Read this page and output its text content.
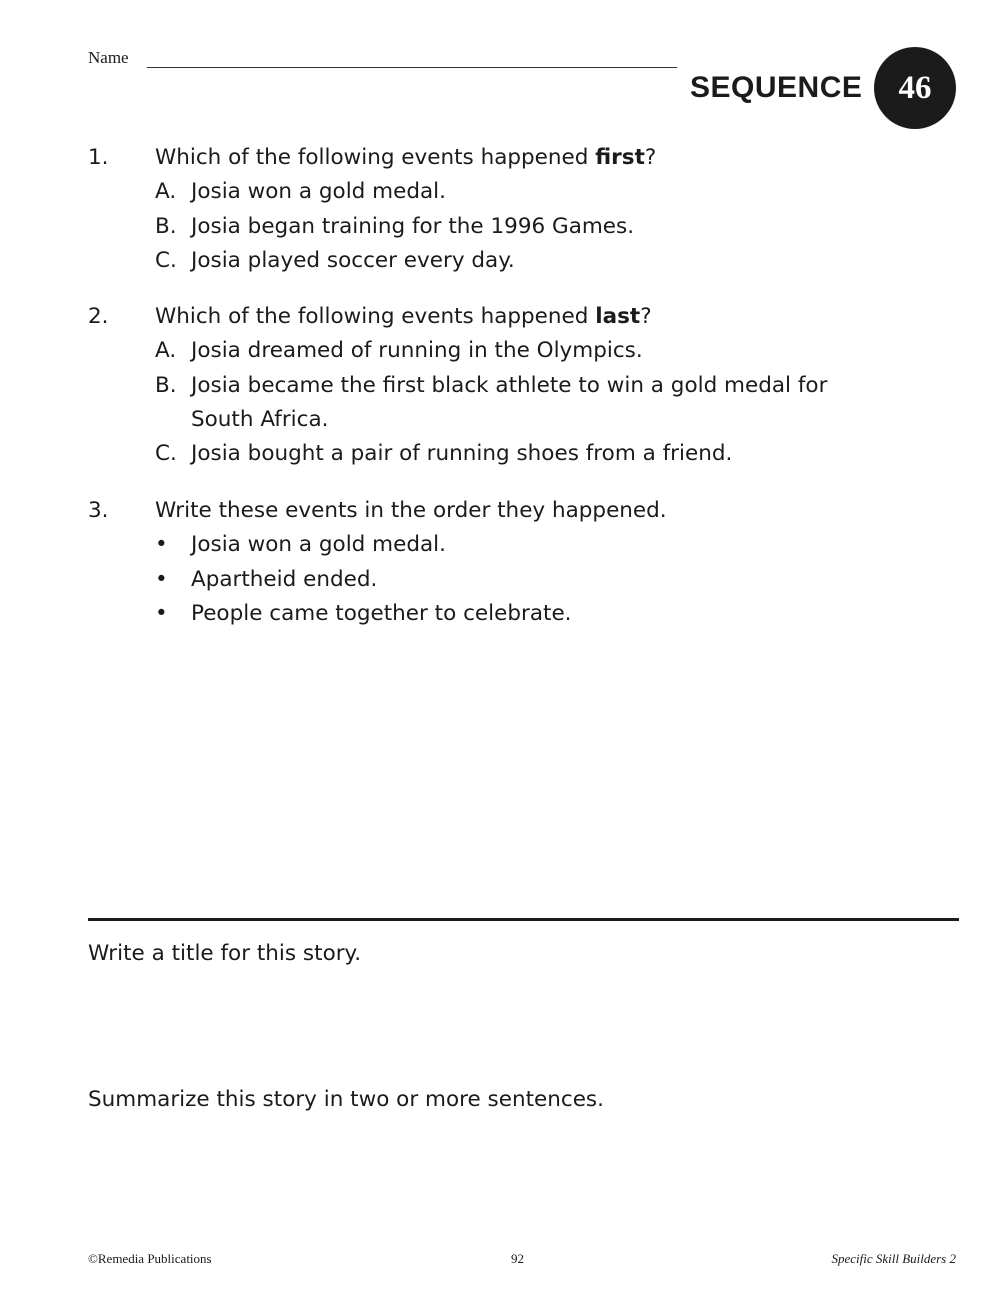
Name
SEQUENCE	46
1. Which of the following events happened first?
A. Josia won a gold medal.
B. Josia began training for the 1996 Games.
C. Josia played soccer every day.
2. Which of the following events happened last?
A. Josia dreamed of running in the Olympics.
B. Josia became the first black athlete to win a gold medal for South Africa.
C. Josia bought a pair of running shoes from a friend.
3. Write these events in the order they happened.
• Josia won a gold medal.
• Apartheid ended.
• People came together to celebrate.
Write a title for this story.
Summarize this story in two or more sentences.
©Remedia Publications	92	Specific Skill Builders 2
